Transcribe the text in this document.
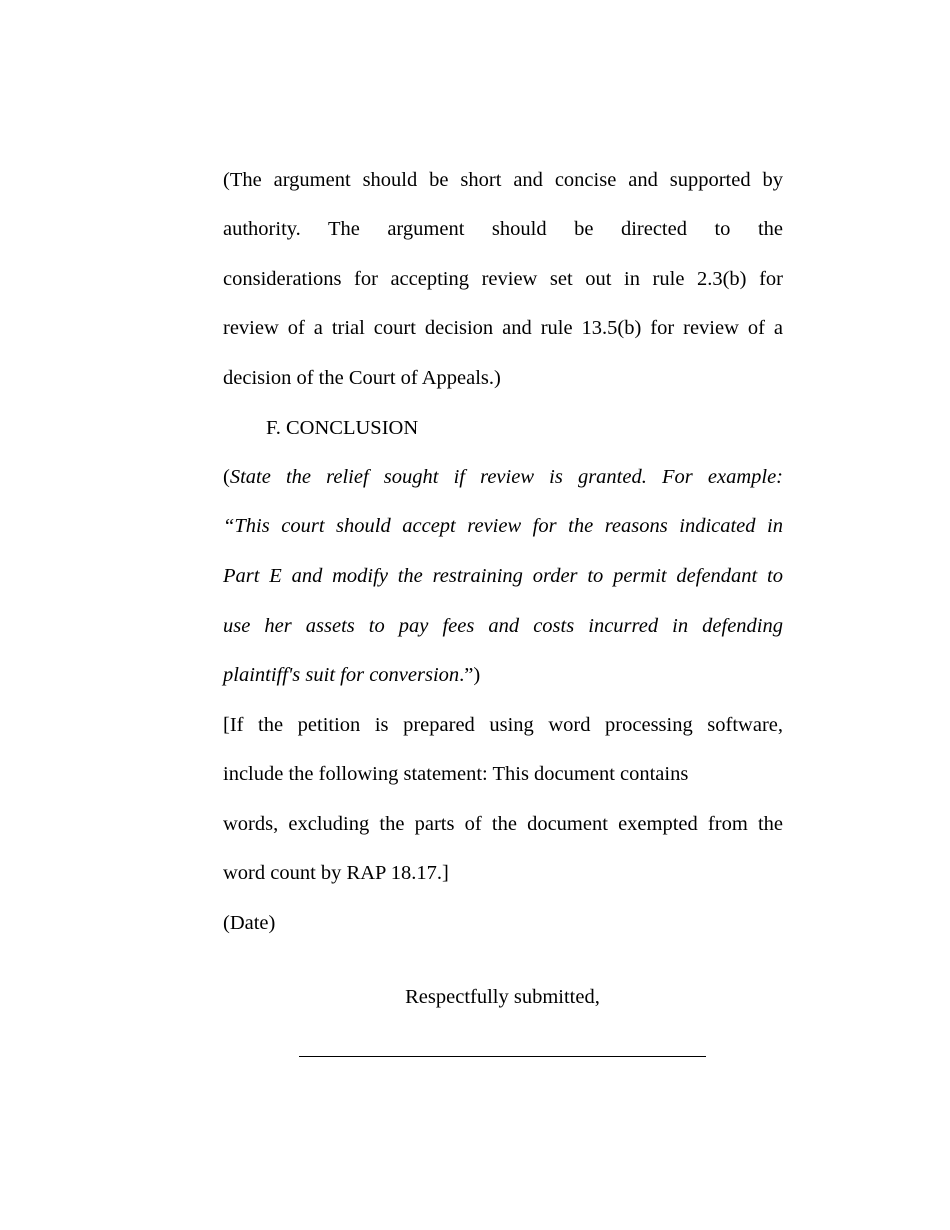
(The argument should be short and concise and supported by
authority. The argument should be directed to the
considerations for accepting review set out in rule 2.3(b) for
review of a trial court decision and rule 13.5(b) for review of a
decision of the Court of Appeals.)
F. CONCLUSION
(State the relief sought if review is granted. For example:
“This court should accept review for the reasons indicated in
Part E and modify the restraining order to permit defendant to
use her assets to pay fees and costs incurred in defending
plaintiff's suit for conversion.”)
[If the petition is prepared using word processing software,
include the following statement: This document contains
words, excluding the parts of the document exempted from the
word count by RAP 18.17.]
(Date)
Respectfully submitted,
